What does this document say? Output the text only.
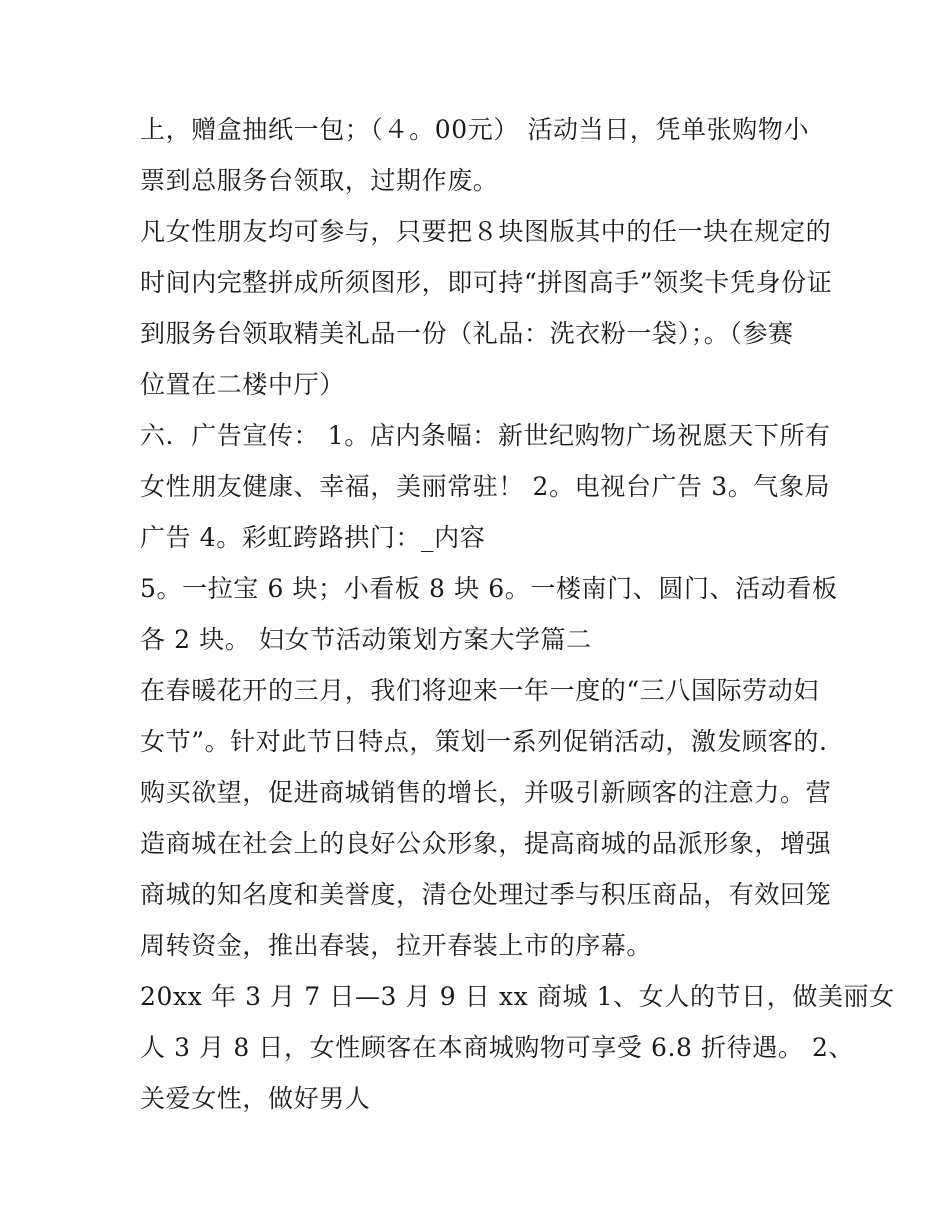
上，赠盒抽纸一包；（４。00元） 活动当日，凭单张购物小
票到总服务台领取，过期作废。
凡女性朋友均可参与，只要把８块图版其中的任一块在规定的
时间内完整拼成所须图形，即可持“拼图高手”领奖卡凭身份证
到服务台领取精美礼品一份（礼品：洗衣粉一袋）；。（参赛
位置在二楼中厅）
六．广告宣传： 1。店内条幅：新世纪购物广场祝愿天下所有
女性朋友健康、幸福，美丽常驻！ 2。电视台广告 3。气象局
广告 4。彩虹跨路拱门：_内容
5。一拉宝 6 块；小看板 8 块 6。一楼南门、圆门、活动看板
各 2 块。 妇女节活动策划方案大学篇二
在春暖花开的三月，我们将迎来一年一度的“三八国际劳动妇
女节”。针对此节日特点，策划一系列促销活动，激发顾客的.
购买欲望，促进商城销售的增长，并吸引新顾客的注意力。营
造商城在社会上的良好公众形象，提高商城的品派形象，增强
商城的知名度和美誉度，清仓处理过季与积压商品，有效回笼
周转资金，推出春装，拉开春装上市的序幕。
20xx 年 3 月 7 日—3 月 9 日 xx 商城 1、女人的节日，做美丽女
人 3 月 8 日，女性顾客在本商城购物可享受 6.8 折待遇。 2、
关爱女性，做好男人
